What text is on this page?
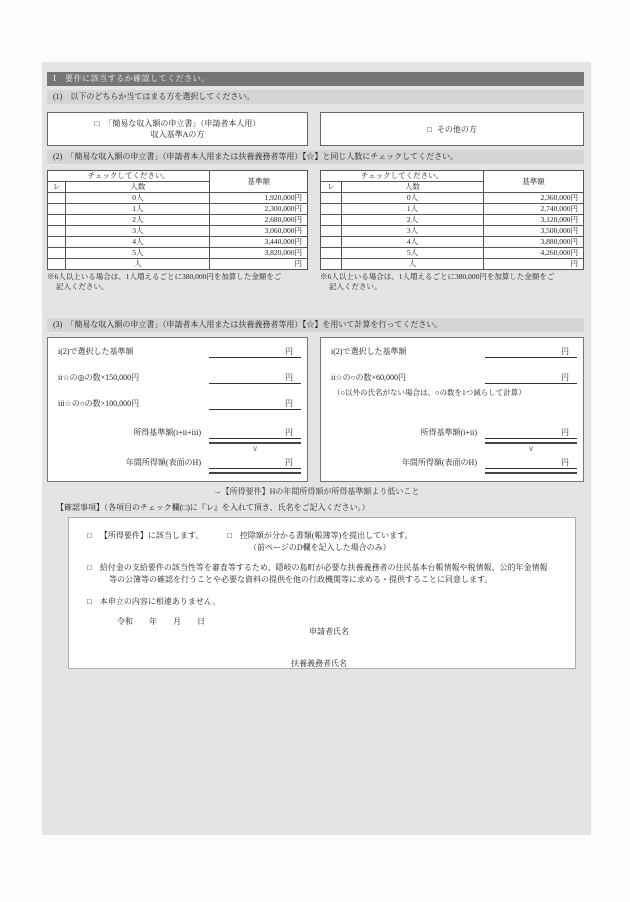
Ⅰ　要件に該当するか確認してください。
(1)　以下のどちらか当てはまる方を選択してください。
□ 「簡易な収入額の申立書」（申請者本人用）
収入基準Aの方
□ その他の方
(2)　「簡易な収入額の申立書」（申請者本人用または扶養義務者等用）【☆】と同じ人数にチェックしてください。
チェックしてください。		基準額
レ	人数	
	0人	1,920,000円
	1人	2,300,000円
	2人	2,680,000円
	3人	3,060,000円
	4人	3,440,000円
	5人	3,820,000円
	人	円
チェックしてください。		基準額
レ	人数	
	0人	2,360,000円
	1人	2,740,000円
	2人	3,120,000円
	3人	3,500,000円
	4人	3,880,000円
	5人	4,260,000円
	人	円
※6人以上いる場合は、1人増えるごとに380,000円を加算した金額をご
記入ください。
※6人以上いる場合は、1人増えるごとに380,000円を加算した金額をご
記入ください。
(3)　「簡易な収入額の申立書」（申請者本人用または扶養義務者等用）【☆】を用いて計算を行ってください。
i(2)で選択した基準額	円
ii☆の◎の数×150,000円	円
iii☆の○の数×100,000円	円
所得基準額(i+ii+iii)	円
∨
年間所得額(表面のH)	円
i(2)で選択した基準額	円
ii☆の○の数×60,000円	円
（○以外の氏名がない場合は、○の数を1つ減らして計算）
所得基準額(i+ii)	円
∨
年間所得額(表面のH)	円
→【所得要件】Hの年間所得額が所得基準額より低いこと
【確認事項】（各項目のチェック欄(□)に『レ』を入れて頂き、氏名をご記入ください。）
□ 【所得要件】に該当します。	□ 控除額が分かる書類(帳簿等)を提出しています。
（前ページのD欄を記入した場合のみ）
□ 給付金の支給要件の該当性等を審査等するため、隠岐の島町が必要な扶養義務者の住民基本台帳情報や税情報、公的年金情報
等の公簿等の確認を行うことや必要な資料の提供を他の行政機関等に求める・提供することに同意します。
□ 本申立の内容に相違ありません。
令和　　年　　月　　日
申請者氏名
扶養義務者氏名
